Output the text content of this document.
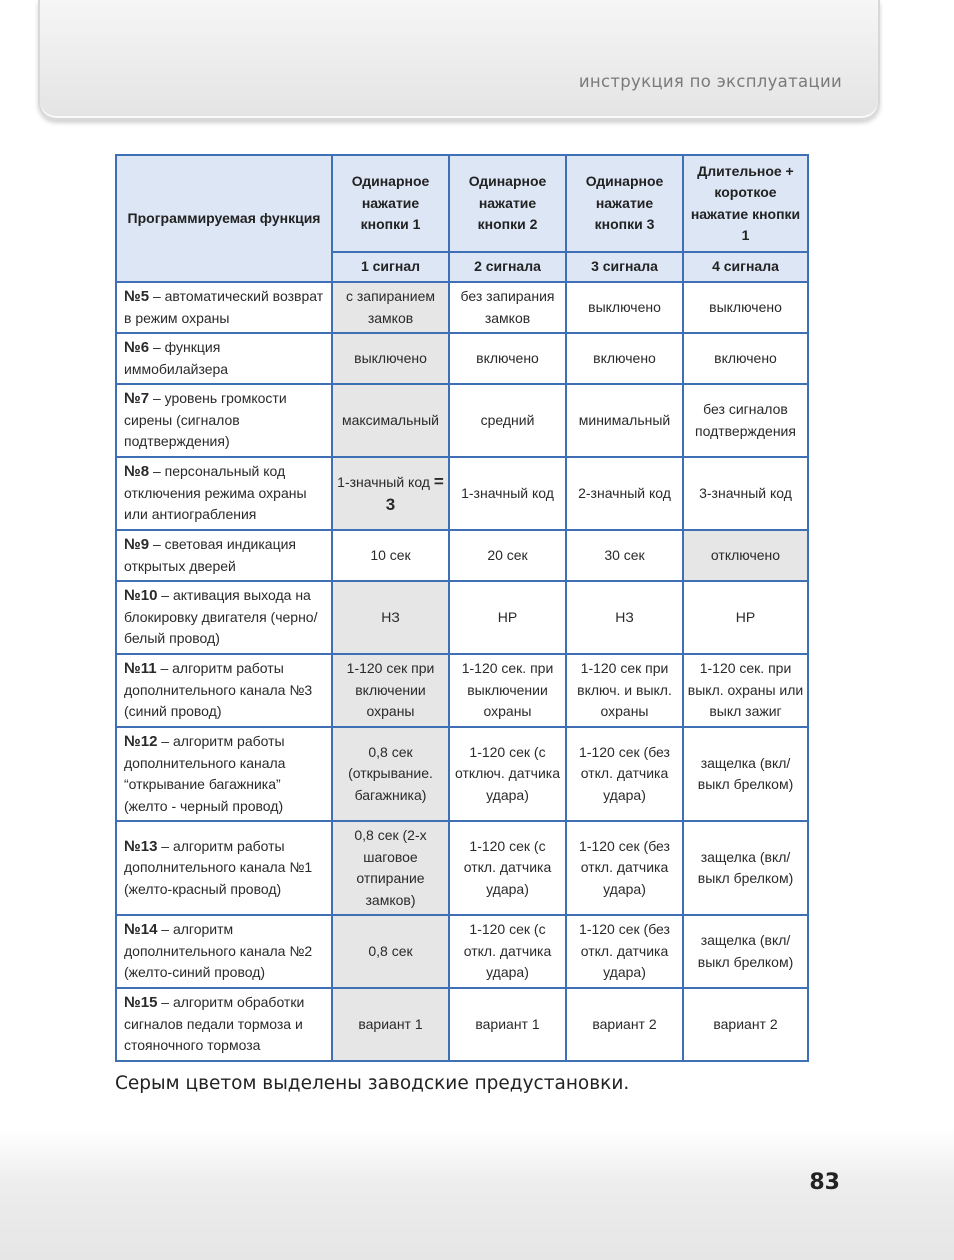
инструкция по эксплуатации
Программируемая функция	Одинарное нажатие кнопки 1	Одинарное нажатие кнопки 2	Одинарное нажатие кнопки 3	Длительное + короткое нажатие кнопки 1
	1 сигнал	2 сигнала	3 сигнала	4 сигнала
№5 – автоматический возврат в режим охраны	с запиранием замков	без запирания замков	выключено	выключено
№6 – функция иммобилайзера	выключено	включено	включено	включено
№7 – уровень громкости сирены (сигналов подтверждения)	максимальный	средний	минимальный	без сигналов подтверждения
№8 – персональный код отключения режима охраны или антиограбления	1-значный код = 3	1-значный код	2-значный код	3-значный код
№9 – световая индикация открытых дверей	10 сек	20 сек	30 сек	отключено
№10 – активация выхода на блокировку двигателя (черно/белый провод)	НЗ	НР	НЗ	НР
№11 – алгоритм работы дополнительного канала №3 (синий провод)	1-120 сек при включении охраны	1-120 сек. при выключении охраны	1-120 сек при включ. и выкл. охраны	1-120 сек. при выкл. охраны или выкл зажиг
№12 – алгоритм работы дополнительного канала “открывание багажника” (желто - черный провод)	0,8 сек (открывание. багажника)	1-120 сек (с отключ. датчика удара)	1-120 сек (без откл. датчика удара)	защелка (вкл/выкл брелком)
№13 – алгоритм работы дополнительного канала №1 (желто-красный провод)	0,8 сек (2-х шаговое отпирание замков)	1-120 сек (с откл. датчика удара)	1-120 сек (без откл. датчика удара)	защелка (вкл/выкл брелком)
№14 – алгоритм дополнительного канала №2 (желто-синий провод)	0,8 сек	1-120 сек (с откл. датчика удара)	1-120 сек (без откл. датчика удара)	защелка (вкл/выкл брелком)
№15 – алгоритм обработки сигналов педали тормоза и стояночного тормоза	вариант 1	вариант 1	вариант 2	вариант 2
Серым цветом выделены заводские предустановки.
83
